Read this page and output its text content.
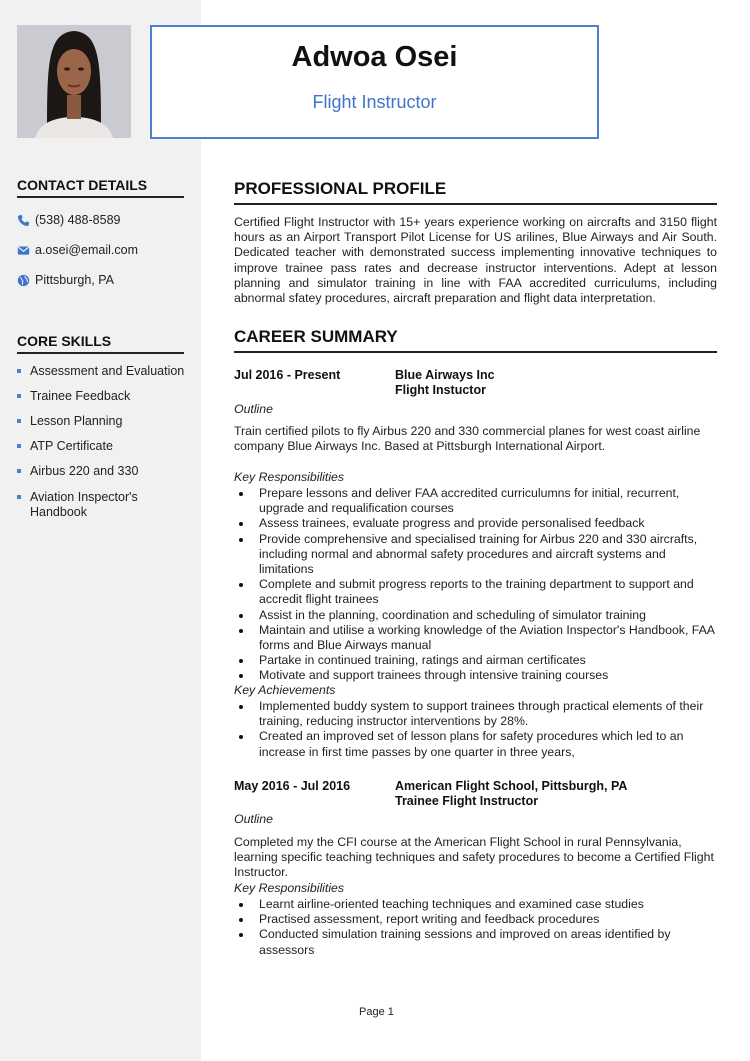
Adwoa Osei
Flight Instructor
CONTACT DETAILS
(538) 488-8589
a.osei@email.com
Pittsburgh, PA
CORE SKILLS
Assessment and Evaluation
Trainee Feedback
Lesson Planning
ATP Certificate
Airbus 220 and 330
Aviation Inspector's Handbook
PROFESSIONAL PROFILE
Certified Flight Instructor with 15+ years experience working on aircrafts and 3150 flight hours as an Airport Transport Pilot License for US arilines, Blue Airways and Air South. Dedicated teacher with demonstrated success implementing innovative techniques to improve trainee pass rates and decrease instructor interventions. Adept at lesson planning and simulator training in line with FAA accredited curriculums, including abnormal sfatey procedures, aircraft preparation and flight data interpretation.
CAREER SUMMARY
Jul 2016 - Present	Blue Airways Inc
Flight Instuctor
Outline
Train certified pilots to fly Airbus 220 and 330 commercial planes for west coast airline company Blue Airways Inc. Based at Pittsburgh International Airport.
Key Responsibilities
Prepare lessons and deliver FAA accredited curriculumns for initial, recurrent, upgrade and requalification courses
Assess trainees, evaluate progress and provide personalised feedback
Provide comprehensive and specialised training for Airbus 220 and 330 aircrafts, including normal and abnormal safety procedures and aircraft systems and limitations
Complete and submit progress reports to the training department to support and accredit flight trainees
Assist in the planning, coordination and scheduling of simulator training
Maintain and utilise a working knowledge of the Aviation Inspector's Handbook, FAA forms and Blue Airways manual
Partake in continued training, ratings and airman certificates
Motivate and support trainees through intensive training courses
Key Achievements
Implemented buddy system to support trainees through practical elements of their training, reducing instructor interventions by 28%.
Created an improved set of lesson plans for safety procedures which led to an increase in first time passes by one quarter in three years,
May 2016 - Jul 2016	American Flight School, Pittsburgh, PA
Trainee Flight Instructor
Outline
Completed my the CFI course at the American Flight School in rural Pennsylvania, learning specific teaching techniques and safety procedures to become a Certified Flight Instructor.
Key Responsibilities
Learnt airline-oriented teaching techniques and examined case studies
Practised assessment, report writing and feedback procedures
Conducted simulation training sessions and improved on areas identified by assessors
Page 1
